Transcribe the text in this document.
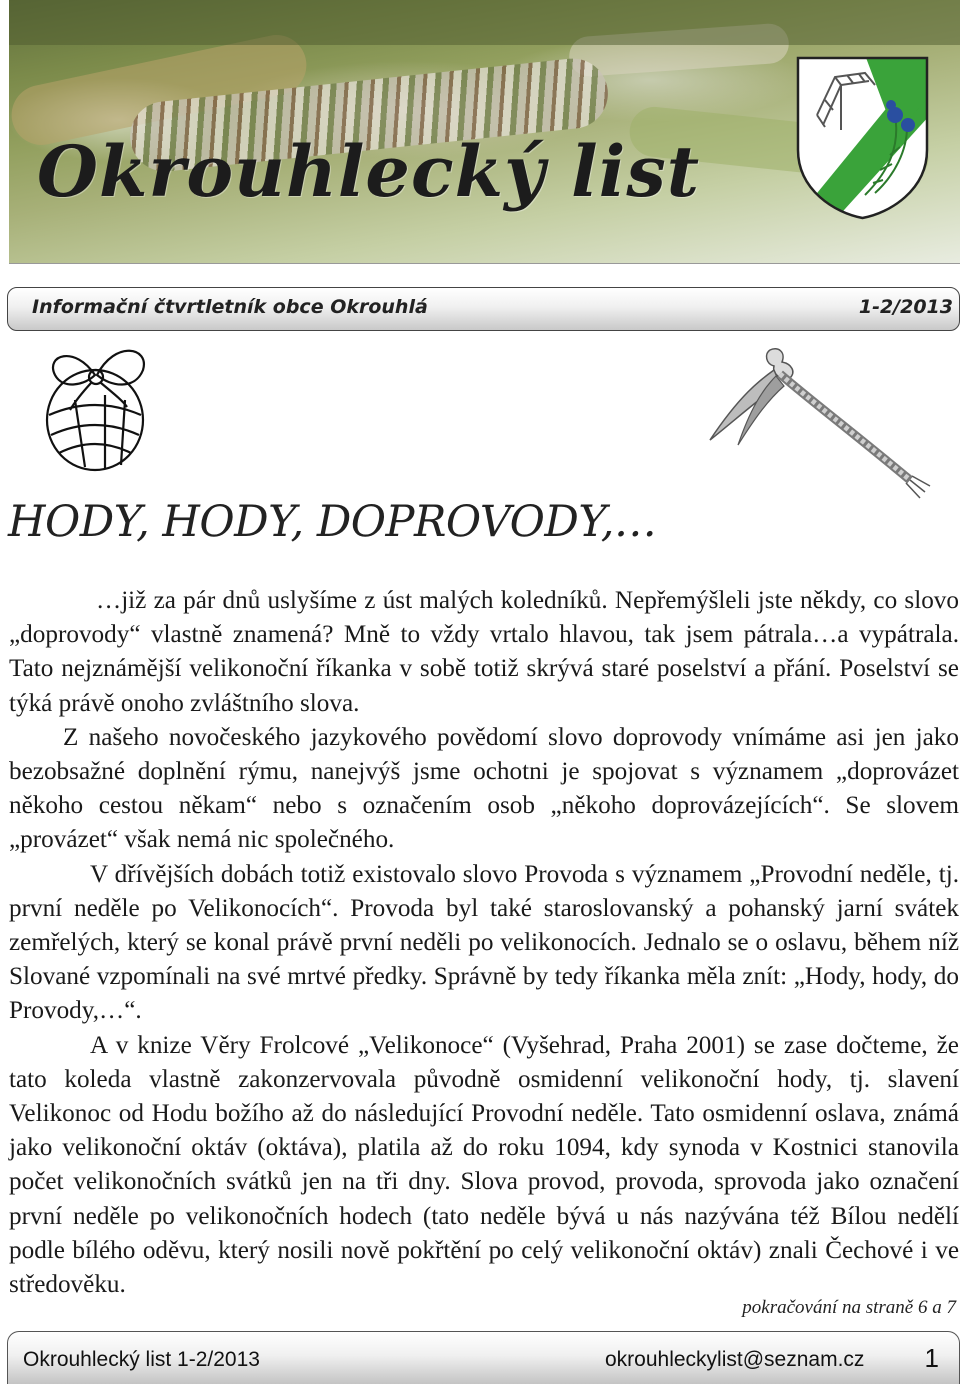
Okrouhlecký list
Informační čtvrtletník obce Okrouhlá	1-2/2013
HODY, HODY, DOPROVODY,…

…již za pár dnů uslyšíme z úst malých koledníků. Nepřemýšleli jste někdy, co slovo „doprovody“ vlastně znamená? Mně to vždy vrtalo hlavou, tak jsem pátrala…a vypátrala. Tato nejznámější velikonoční říkanka v sobě totiž skrývá staré poselství a přání. Poselství se týká právě onoho zvláštního slova.

Z našeho novočeského jazykového povědomí slovo doprovody vnímáme asi jen jako bezobsažné doplnění rýmu, nanejvýš jsme ochotni je spojovat s významem „doprovázet někoho cestou někam“ nebo s označením osob „někoho doprovázejících“. Se slovem „provázet“ však nemá nic společného.

V dřívějších dobách totiž existovalo slovo Provoda s významem „Provodní neděle, tj. první neděle po Velikonocích“. Provoda byl také staroslovanský a pohanský jarní svátek zemřelých, který se konal právě první neděli po velikonocích. Jednalo se o oslavu, během níž Slované vzpomínali na své mrtvé předky. Správně by tedy říkanka měla znít: „Hody, hody, do Provody,…“.

A v knize Věry Frolcové „Velikonoce“ (Vyšehrad, Praha 2001) se zase dočteme, že tato koleda vlastně zakonzervovala původně osmidenní velikonoční hody, tj. slavení Velikonoc od Hodu božího až do následující Provodní neděle. Tato osmidenní oslava, známá jako velikonoční oktáv (oktáva), platila až do roku 1094, kdy synoda v Kostnici stanovila počet velikonočních svátků jen na tři dny. Slova provod, provoda, sprovoda jako označení první neděle po velikonočních hodech (tato neděle bývá u nás nazývána též Bílou nedělí podle bílého oděvu, který nosili nově pokřtění po celý velikonoční oktáv) znali Čechové i ve středověku.

pokračování na straně 6 a 7
Okrouhlecký list 1-2/2013	okrouhleckylist@seznam.cz 1
